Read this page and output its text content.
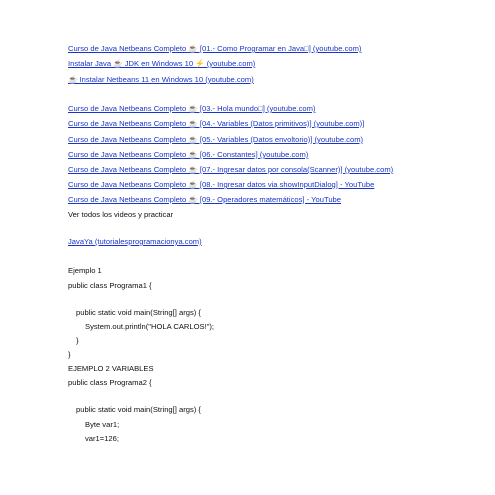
Curso de Java Netbeans Completo ☕ [01.- Como Programar en Java□] (youtube.com)
Instalar Java ☕ JDK en Windows 10 ⚡ (youtube.com)
☕ Instalar Netbeans 11 en Windows 10 (youtube.com)
Curso de Java Netbeans Completo ☕ [03.- Hola mundo□] (youtube.com)
Curso de Java Netbeans Completo ☕ [04.- Variables (Datos primitivos)] (youtube.com)]
Curso de Java Netbeans Completo ☕ [05.- Variables (Datos envoltorio)] (youtube.com)
Curso de Java Netbeans Completo ☕ [06.- Constantes] (youtube.com)
Curso de Java Netbeans Completo ☕ [07.- Ingresar datos por consola(Scanner)] (youtube.com)
Curso de Java Netbeans Completo ☕ [08.- Ingresar datos via showInputDialog] - YouTube
Curso de Java Netbeans Completo ☕ [09.- Operadores matemáticos] - YouTube
Ver todos los videos y practicar
JavaYa (tutorialesprogramacionya.com)
Ejemplo 1
public class Programa1 {
public static void main(String[] args) {
System.out.println("HOLA CARLOS!");
}
}
EJEMPLO 2 VARIABLES
public class Programa2 {
public static void main(String[] args) {
Byte var1;
var1=126;
